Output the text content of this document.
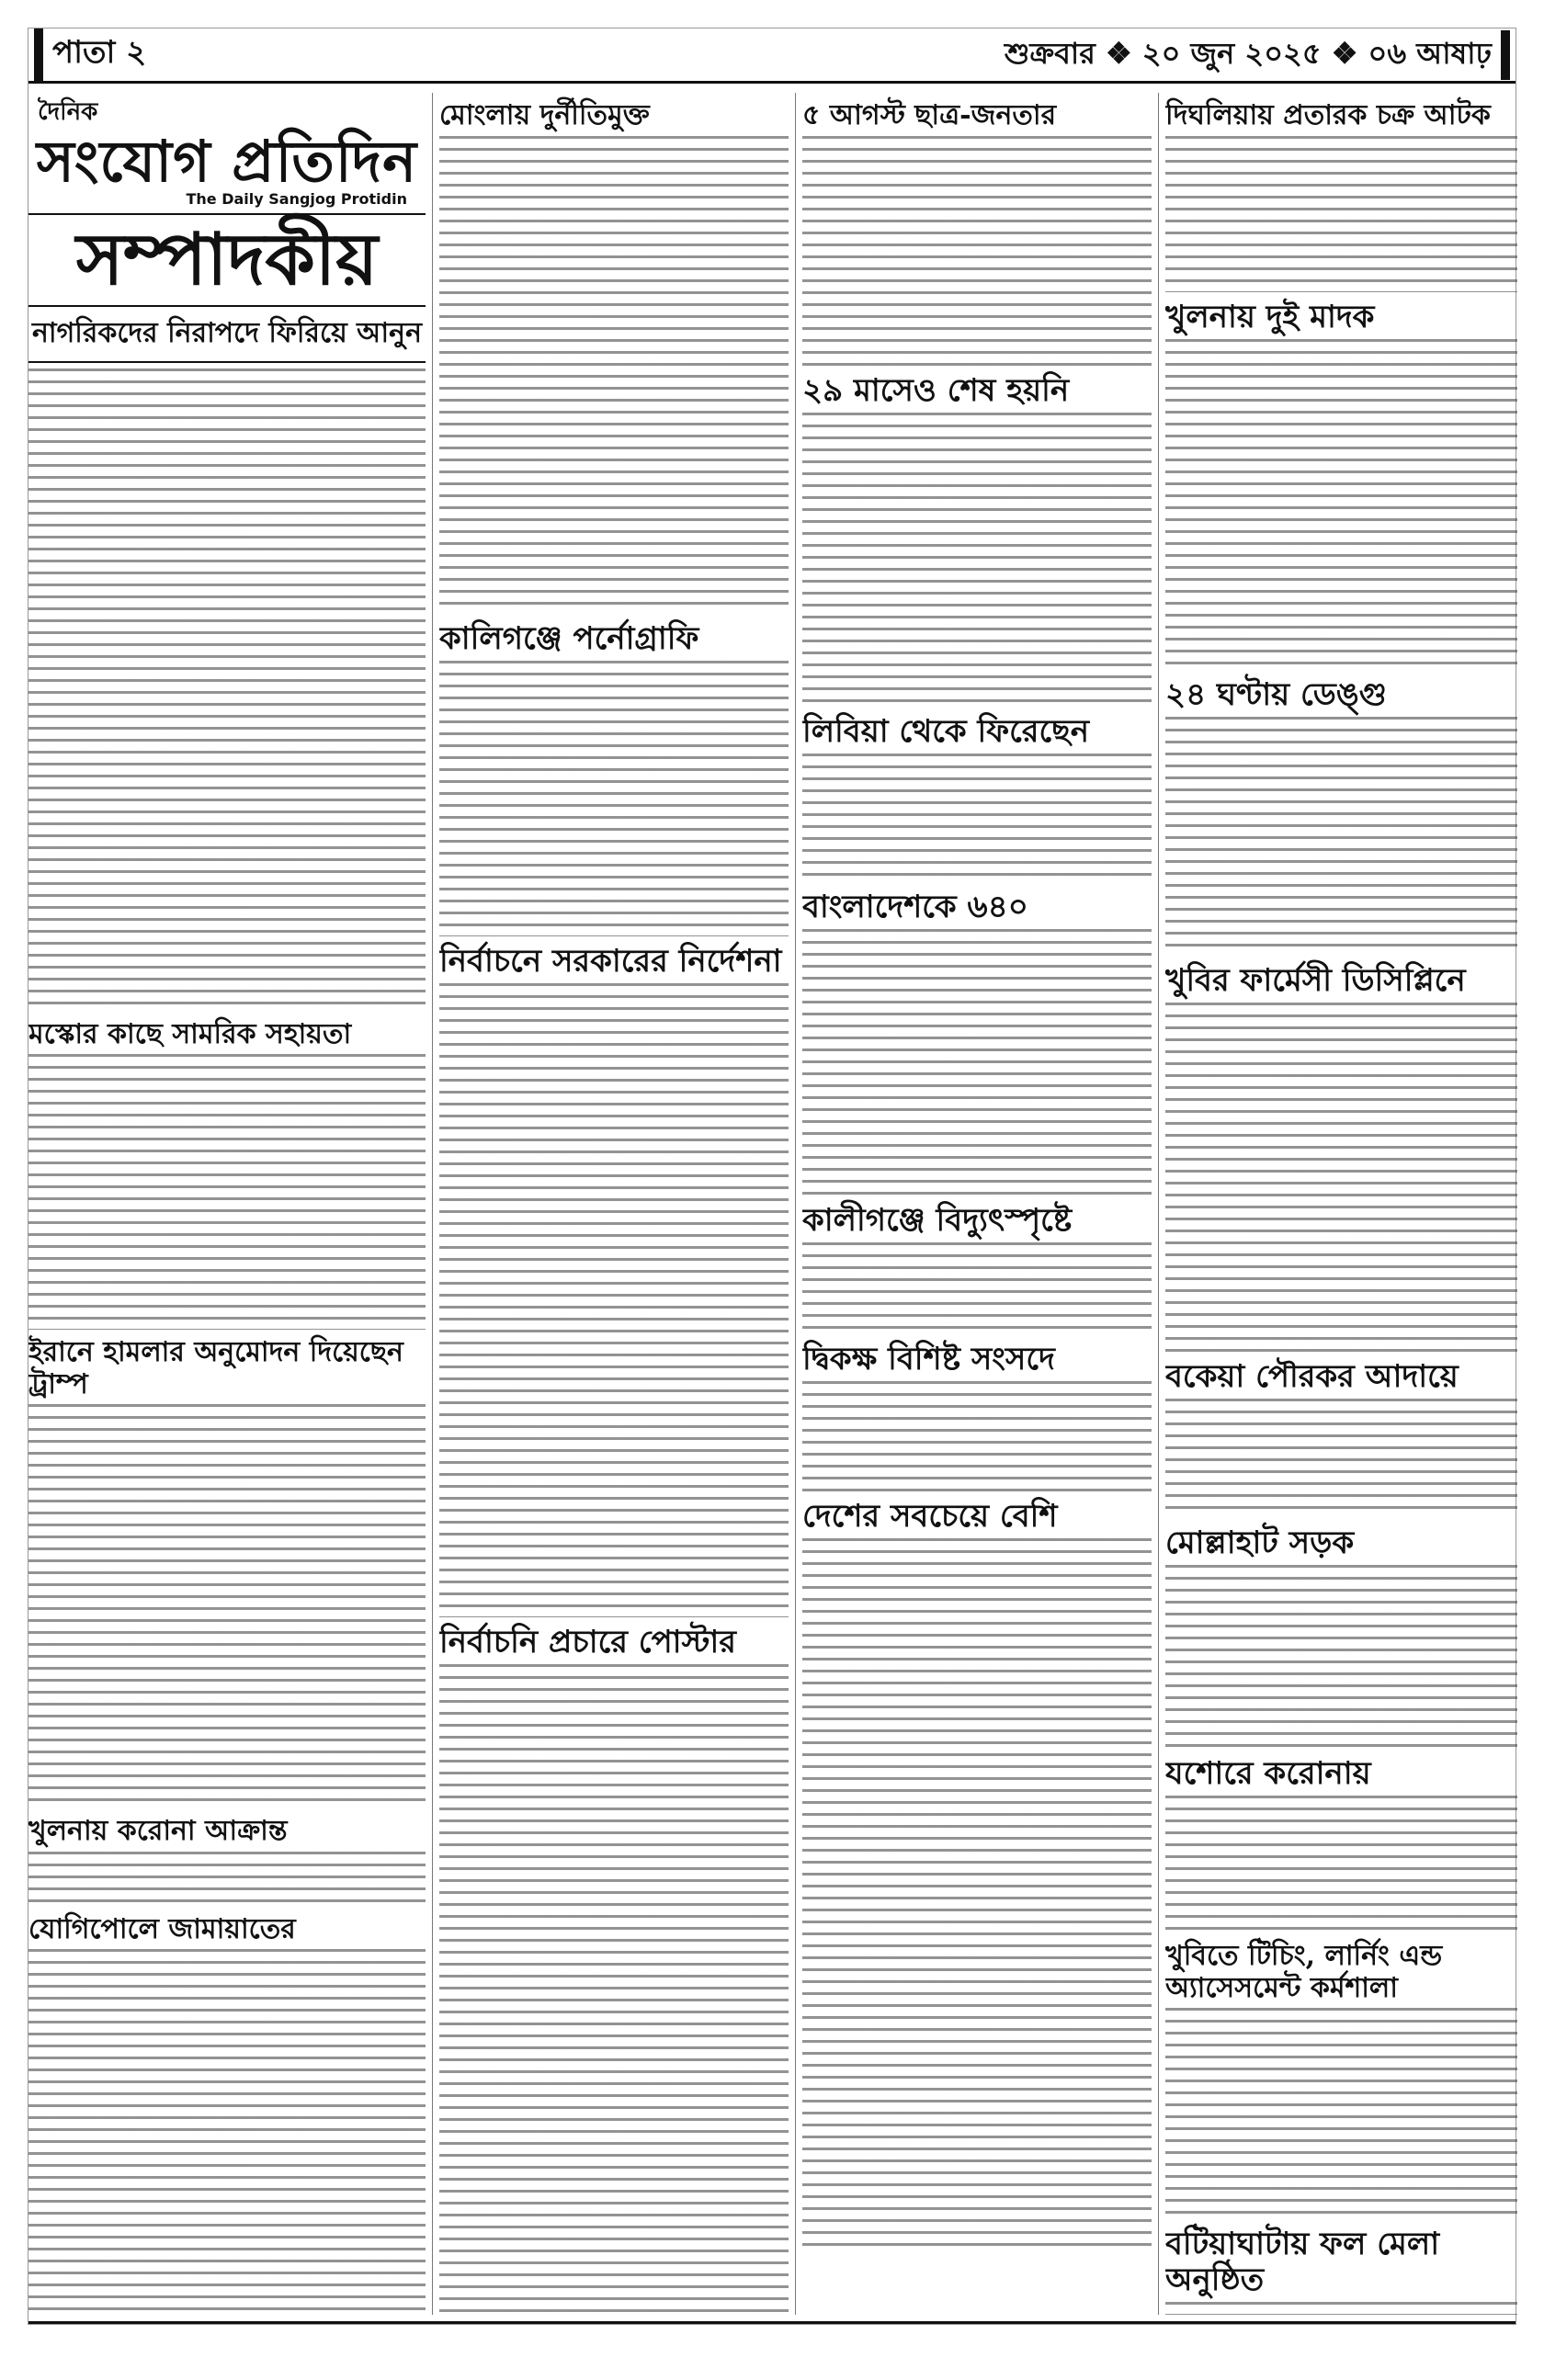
পাতা ২	শুক্রবার ❖ ২০ জুন ২০২৫ ❖ ০৬ আষাঢ়
দৈনিক
সংযোগ প্রতিদিন
The Daily Sangjog Protidin
সম্পাদকীয়
নাগরিকদের নিরাপদে ফিরিয়ে আনুন
মস্কোর কাছে সামরিক সহায়তা
ইরানে হামলার অনুমোদন দিয়েছেন ট্রাম্প
খুলনায় করোনা আক্রান্ত
যোগিপোলে জামায়াতের
মোংলায় দুর্নীতিমুক্ত
কালিগঞ্জে পর্নোগ্রাফি
নির্বাচনে সরকারের নির্দেশনা
নির্বাচনি প্রচারে পোস্টার
৫ আগস্ট ছাত্র-জনতার
২৯ মাসেও শেষ হয়নি
লিবিয়া থেকে ফিরেছেন
বাংলাদেশকে ৬৪০
কালীগঞ্জে বিদ্যুৎস্পৃষ্টে
দ্বিকক্ষ বিশিষ্ট সংসদে
দেশের সবচেয়ে বেশি
দিঘলিয়ায় প্রতারক চক্র আটক
খুলনায় দুই মাদক
২৪ ঘণ্টায় ডেঙ্গু
খুবির ফার্মেসী ডিসিপ্লিনে
বকেয়া পৌরকর আদায়ে
মোল্লাহাট সড়ক
যশোরে করোনায়
খুবিতে টিচিং, লার্নিং এন্ড অ্যাসেসমেন্ট কর্মশালা
বটিয়াঘাটায় ফল মেলা অনুষ্ঠিত
